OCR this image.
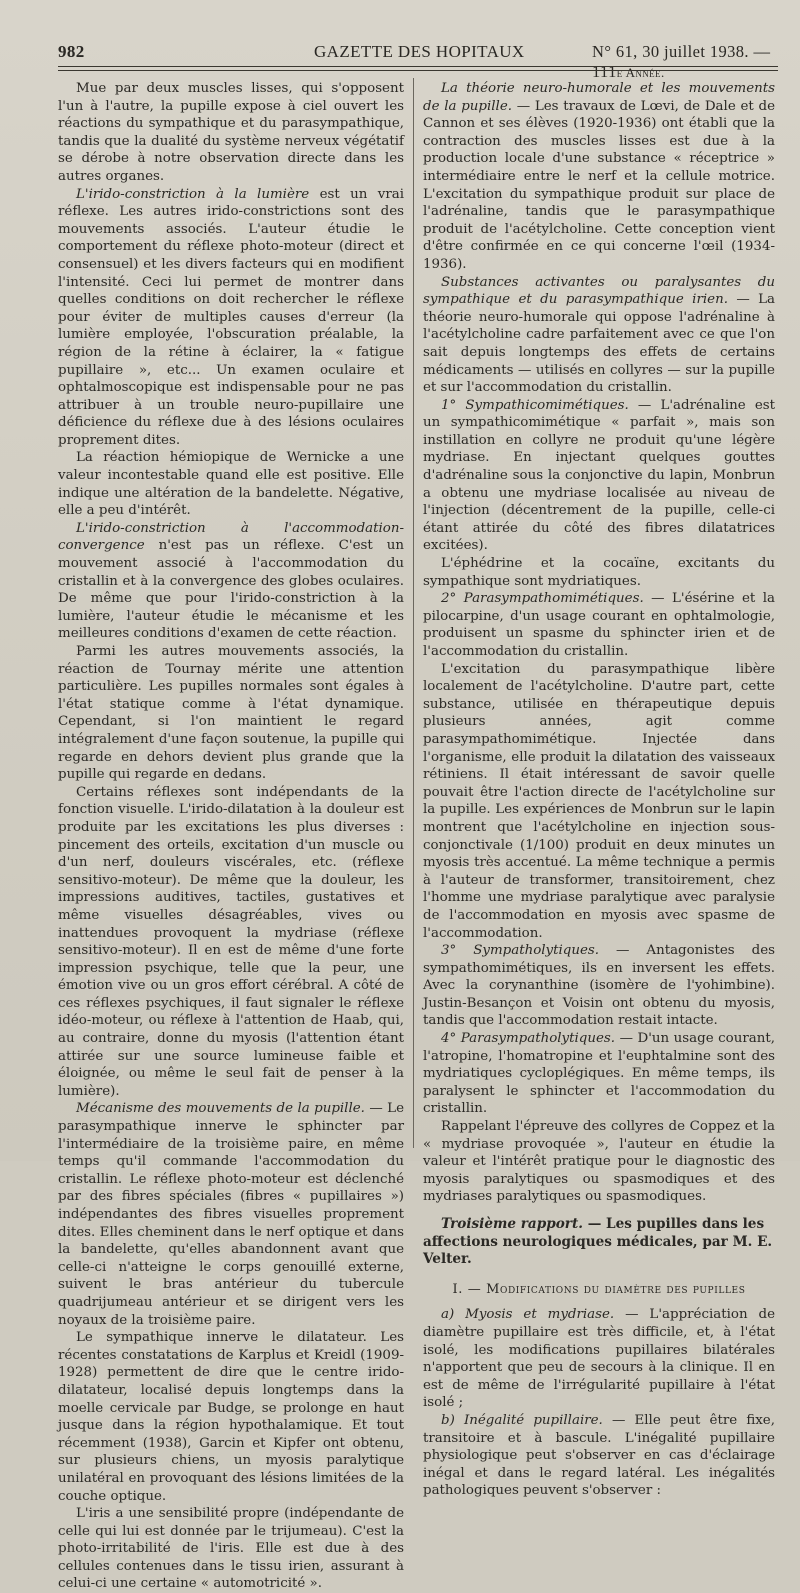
982	GAZETTE DES HOPITAUX	N° 61, 30 juillet 1938. — 111e Année.

Mue par deux muscles lisses, qui s'opposent l'un à l'autre, la pupille expose à ciel ouvert les réactions du sympathique et du parasympathique, tandis que la dualité du système nerveux végétatif se dérobe à notre observation directe dans les autres organes.

L'irido-constriction à la lumière est un vrai réflexe. Les autres irido-constrictions sont des mouvements associés. L'auteur étudie le comportement du réflexe photo-moteur (direct et consensuel) et les divers facteurs qui en modifient l'intensité. Ceci lui permet de montrer dans quelles conditions on doit rechercher le réflexe pour éviter de multiples causes d'erreur (la lumière employée, l'obscuration préalable, la région de la rétine à éclairer, la « fatigue pupillaire », etc... Un examen oculaire et ophtalmoscopique est indispensable pour ne pas attribuer à un trouble neuro-pupillaire une déficience du réflexe due à des lésions oculaires proprement dites.

La réaction hémiopique de Wernicke a une valeur incontestable quand elle est positive. Elle indique une altération de la bandelette. Négative, elle a peu d'intérêt.

L'irido-constriction à l'accommodation-convergence n'est pas un réflexe. C'est un mouvement associé à l'accommodation du cristallin et à la convergence des globes oculaires. De même que pour l'irido-constriction à la lumière, l'auteur étudie le mécanisme et les meilleures conditions d'examen de cette réaction.

Parmi les autres mouvements associés, la réaction de Tournay mérite une attention particulière. Les pupilles normales sont égales à l'état statique comme à l'état dynamique. Cependant, si l'on maintient le regard intégralement d'une façon soutenue, la pupille qui regarde en dehors devient plus grande que la pupille qui regarde en dedans.

Certains réflexes sont indépendants de la fonction visuelle. L'irido-dilatation à la douleur est produite par les excitations les plus diverses : pincement des orteils, excitation d'un muscle ou d'un nerf, douleurs viscérales, etc. (réflexe sensitivo-moteur). De même que la douleur, les impressions auditives, tactiles, gustatives et même visuelles désagréables, vives ou inattendues provoquent la mydriase (réflexe sensitivo-moteur). Il en est de même d'une forte impression psychique, telle que la peur, une émotion vive ou un gros effort cérébral. A côté de ces réflexes psychiques, il faut signaler le réflexe idéo-moteur, ou réflexe à l'attention de Haab, qui, au contraire, donne du myosis (l'attention étant attirée sur une source lumineuse faible et éloignée, ou même le seul fait de penser à la lumière).

Mécanisme des mouvements de la pupille. — Le parasympathique innerve le sphincter par l'intermédiaire de la troisième paire, en même temps qu'il commande l'accommodation du cristallin. Le réflexe photo-moteur est déclenché par des fibres spéciales (fibres « pupillaires ») indépendantes des fibres visuelles proprement dites. Elles cheminent dans le nerf optique et dans la bandelette, qu'elles abandonnent avant que celle-ci n'atteigne le corps genouillé externe, suivent le bras antérieur du tubercule quadrijumeau antérieur et se dirigent vers les noyaux de la troisième paire.

Le sympathique innerve le dilatateur. Les récentes constatations de Karplus et Kreidl (1909-1928) permettent de dire que le centre irido-dilatateur, localisé depuis longtemps dans la moelle cervicale par Budge, se prolonge en haut jusque dans la région hypothalamique. Et tout récemment (1938), Garcin et Kipfer ont obtenu, sur plusieurs chiens, un myosis paralytique unilatéral en provoquant des lésions limitées de la couche optique.

L'iris a une sensibilité propre (indépendante de celle qui lui est donnée par le trijumeau). C'est la photo-irritabilité de l'iris. Elle est due à des cellules contenues dans le tissu irien, assurant à celui-ci une certaine « automotricité ».

La théorie neuro-humorale et les mouvements de la pupille. — Les travaux de Lœvi, de Dale et de Cannon et ses élèves (1920-1936) ont établi que la contraction des muscles lisses est due à la production locale d'une substance « réceptrice » intermédiaire entre le nerf et la cellule motrice. L'excitation du sympathique produit sur place de l'adrénaline, tandis que le parasympathique produit de l'acétylcholine. Cette conception vient d'être confirmée en ce qui concerne l'œil (1934-1936).

Substances activantes ou paralysantes du sympathique et du parasympathique irien. — La théorie neuro-humorale qui oppose l'adrénaline à l'acétylcholine cadre parfaitement avec ce que l'on sait depuis longtemps des effets de certains médicaments — utilisés en collyres — sur la pupille et sur l'accommodation du cristallin.

1° Sympathicomimétiques. — L'adrénaline est un sympathicomimétique « parfait », mais son instillation en collyre ne produit qu'une légère mydriase. En injectant quelques gouttes d'adrénaline sous la conjonctive du lapin, Monbrun a obtenu une mydriase localisée au niveau de l'injection (décentrement de la pupille, celle-ci étant attirée du côté des fibres dilatatrices excitées).

L'éphédrine et la cocaïne, excitants du sympathique sont mydriatiques.

2° Parasympathomimétiques. — L'ésérine et la pilocarpine, d'un usage courant en ophtalmologie, produisent un spasme du sphincter irien et de l'accommodation du cristallin.

L'excitation du parasympathique libère localement de l'acétylcholine. D'autre part, cette substance, utilisée en thérapeutique depuis plusieurs années, agit comme parasympathomimétique. Injectée dans l'organisme, elle produit la dilatation des vaisseaux rétiniens. Il était intéressant de savoir quelle pouvait être l'action directe de l'acétylcholine sur la pupille. Les expériences de Monbrun sur le lapin montrent que l'acétylcholine en injection sous-conjonctivale (1/100) produit en deux minutes un myosis très accentué. La même technique a permis à l'auteur de transformer, transitoirement, chez l'homme une mydriase paralytique avec paralysie de l'accommodation en myosis avec spasme de l'accommodation.

3° Sympatholytiques. — Antagonistes des sympathomimétiques, ils en inversent les effets. Avec la corynanthine (isomère de l'yohimbine). Justin-Besançon et Voisin ont obtenu du myosis, tandis que l'accommodation restait intacte.

4° Parasympatholytiques. — D'un usage courant, l'atropine, l'homatropine et l'euphtalmine sont des mydriatiques cycloplégiques. En même temps, ils paralysent le sphincter et l'accommodation du cristallin.

Rappelant l'épreuve des collyres de Coppez et la « mydriase provoquée », l'auteur en étudie la valeur et l'intérêt pratique pour le diagnostic des myosis paralytiques ou spasmodiques et des mydriases paralytiques ou spasmodiques.

Troisième rapport. — Les pupilles dans les affections neurologiques médicales, par M. E. Velter.
I. — Modifications du diamètre des pupilles

a) Myosis et mydriase. — L'appréciation de diamètre pupillaire est très difficile, et, à l'état isolé, les modifications pupillaires bilatérales n'apportent que peu de secours à la clinique. Il en est de même de l'irrégularité pupillaire à l'état isolé ;

b) Inégalité pupillaire. — Elle peut être fixe, transitoire et à bascule. L'inégalité pupillaire physiologique peut s'observer en cas d'éclairage inégal et dans le regard latéral. Les inégalités pathologiques peuvent s'observer :
